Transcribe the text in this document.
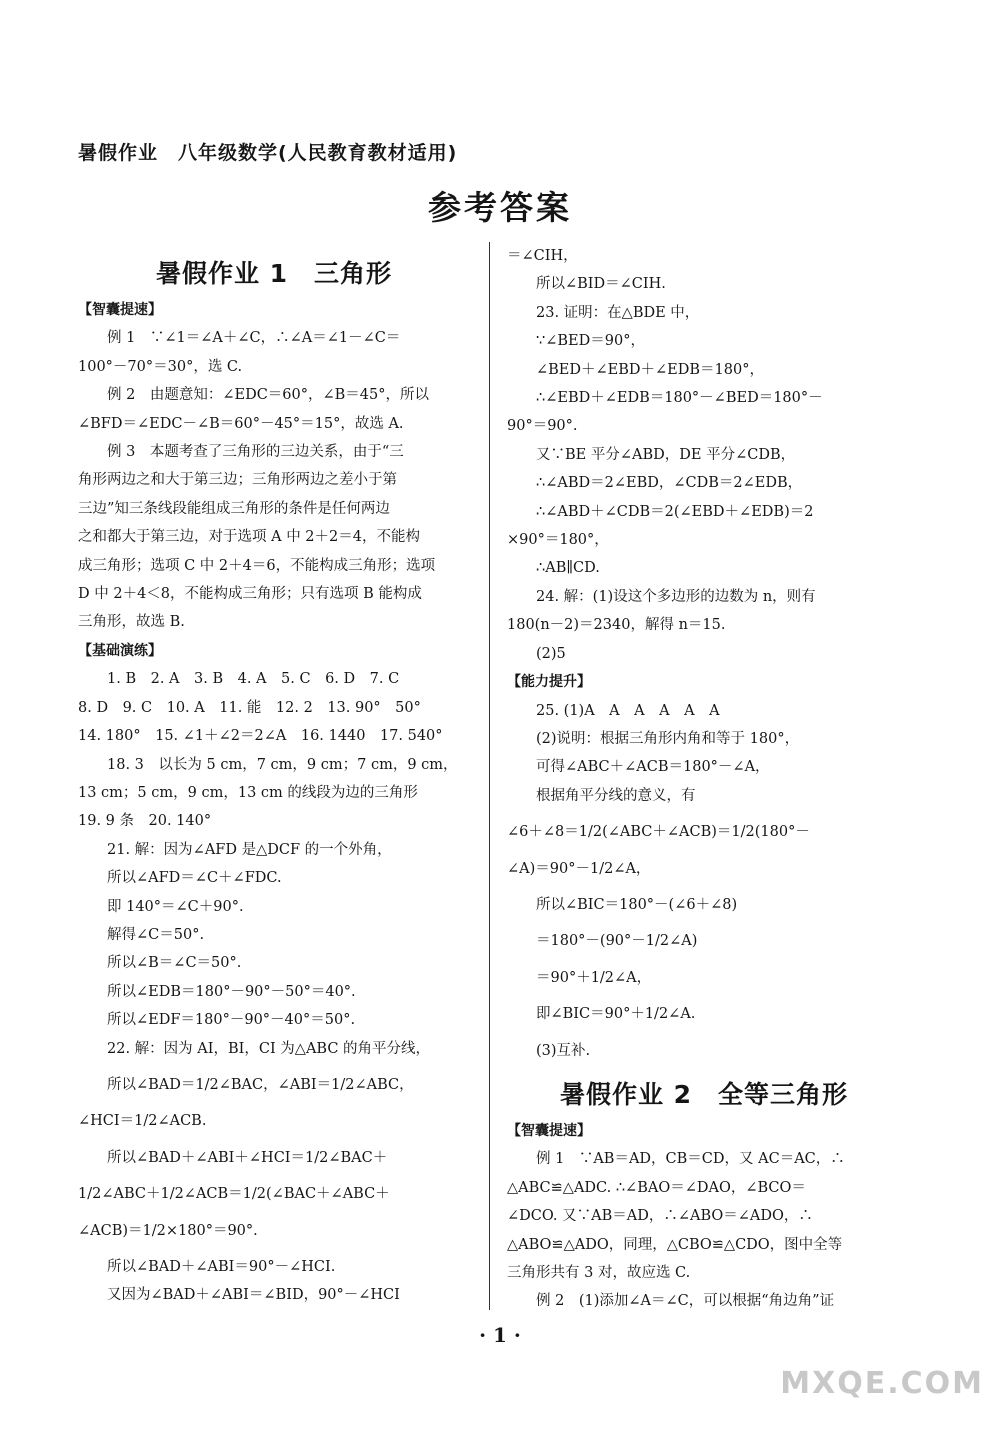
暑假作业　八年级数学(人民教育教材适用)
参考答案
暑假作业 1　三角形
【智囊提速】
例 1　∵∠1＝∠A＋∠C，∴∠A＝∠1－∠C＝
100°－70°＝30°，选 C.
例 2　由题意知：∠EDC＝60°，∠B＝45°，所以
∠BFD＝∠EDC－∠B＝60°－45°＝15°，故选 A.
例 3　本题考查了三角形的三边关系，由于“三
角形两边之和大于第三边；三角形两边之差小于第
三边”知三条线段能组成三角形的条件是任何两边
之和都大于第三边，对于选项 A 中 2＋2＝4，不能构
成三角形；选项 C 中 2＋4＝6，不能构成三角形；选项
D 中 2＋4＜8，不能构成三角形；只有选项 B 能构成
三角形，故选 B.
【基础演练】
1. B　2. A　3. B　4. A　5. C　6. D　7. C
8. D　9. C　10. A　11. 能　12. 2　13. 90°　50°
14. 180°　15. ∠1＋∠2＝2∠A　16. 1440　17. 540°
18. 3　以长为 5 cm，7 cm，9 cm；7 cm，9 cm，
13 cm；5 cm，9 cm，13 cm 的线段为边的三角形
19. 9 条　20. 140°
21. 解：因为∠AFD 是△DCF 的一个外角，
所以∠AFD＝∠C＋∠FDC.
即 140°＝∠C＋90°.
解得∠C＝50°.
所以∠B＝∠C＝50°.
所以∠EDB＝180°－90°－50°＝40°.
所以∠EDF＝180°－90°－40°＝50°.
22. 解：因为 AI，BI，CI 为△ABC 的角平分线，
所以∠BAD＝1/2∠BAC，∠ABI＝1/2∠ABC，
∠HCI＝1/2∠ACB.
所以∠BAD＋∠ABI＋∠HCI＝1/2∠BAC＋
1/2∠ABC＋1/2∠ACB＝1/2(∠BAC＋∠ABC＋
∠ACB)＝1/2×180°＝90°.
所以∠BAD＋∠ABI＝90°－∠HCI.
又因为∠BAD＋∠ABI＝∠BID，90°－∠HCI
＝∠CIH，
所以∠BID＝∠CIH.
23. 证明：在△BDE 中，
∵∠BED＝90°，
∠BED＋∠EBD＋∠EDB＝180°，
∴∠EBD＋∠EDB＝180°－∠BED＝180°－
90°＝90°.
又∵BE 平分∠ABD，DE 平分∠CDB，
∴∠ABD＝2∠EBD，∠CDB＝2∠EDB，
∴∠ABD＋∠CDB＝2(∠EBD＋∠EDB)＝2
×90°＝180°，
∴AB∥CD.
24. 解：(1)设这个多边形的边数为 n，则有
180(n－2)＝2340，解得 n＝15.
(2)5
【能力提升】
25. (1)A　A　A　A　A　A
(2)说明：根据三角形内角和等于 180°，
可得∠ABC＋∠ACB＝180°－∠A，
根据角平分线的意义，有
∠6＋∠8＝1/2(∠ABC＋∠ACB)＝1/2(180°－
∠A)＝90°－1/2∠A，
所以∠BIC＝180°－(∠6＋∠8)
＝180°－(90°－1/2∠A)
＝90°＋1/2∠A，
即∠BIC＝90°＋1/2∠A.
(3)互补.
暑假作业 2　全等三角形
【智囊提速】
例 1　∵AB＝AD，CB＝CD，又 AC＝AC，∴
△ABC≌△ADC. ∴∠BAO＝∠DAO，∠BCO＝
∠DCO. 又∵AB＝AD，∴∠ABO＝∠ADO，∴
△ABO≌△ADO，同理，△CBO≌△CDO，图中全等
三角形共有 3 对，故应选 C.
例 2　(1)添加∠A＝∠C，可以根据“角边角”证
· 1 ·
MXQE.COM
